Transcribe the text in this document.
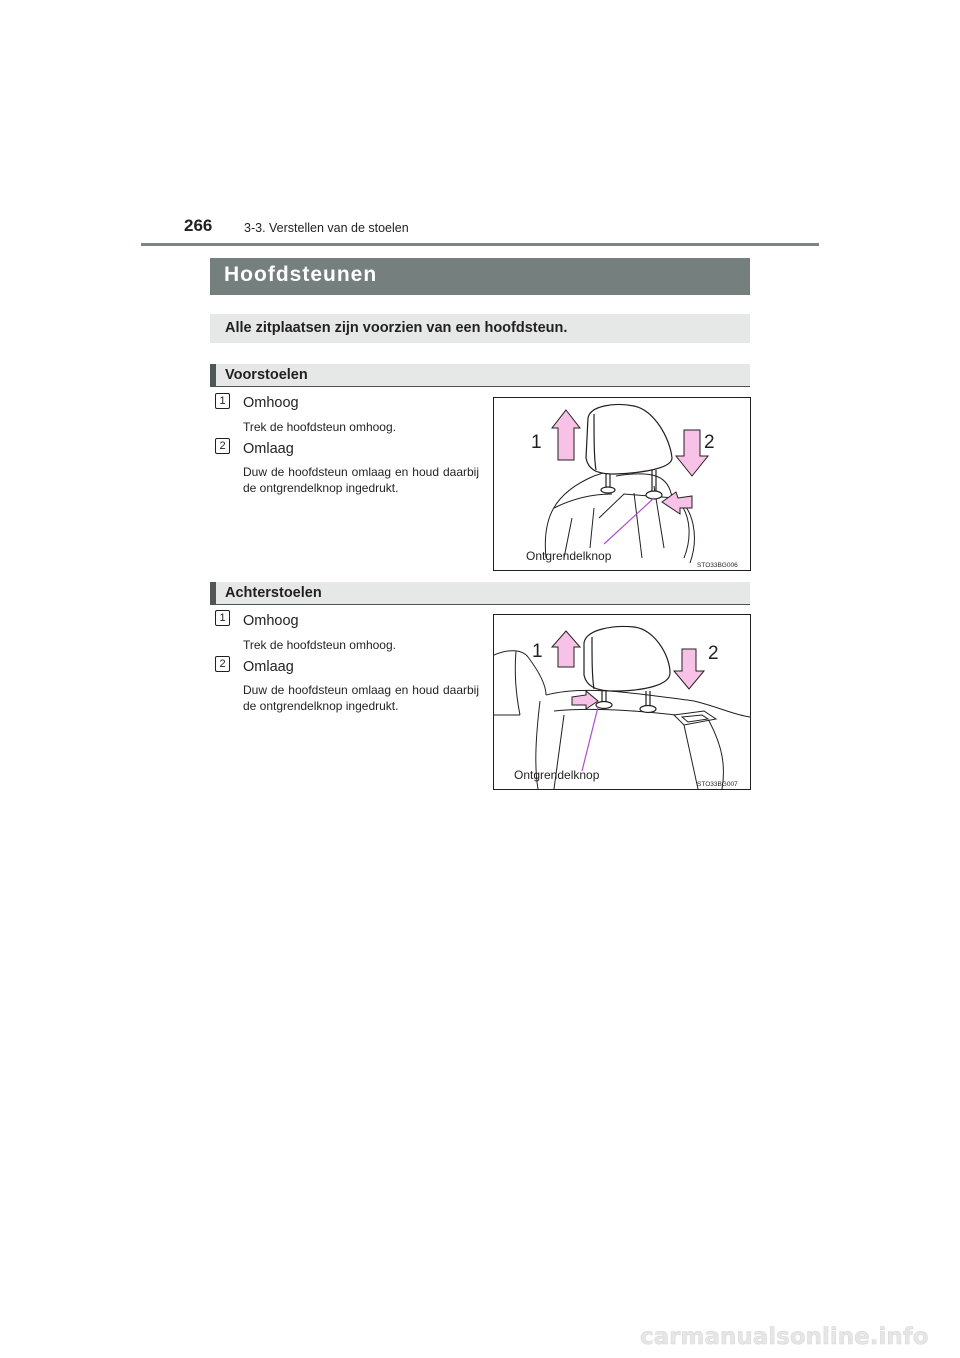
266	3-3. Verstellen van de stoelen
Hoofdsteunen
Alle zitplaatsen zijn voorzien van een hoofdsteun.
Voorstoelen
1	Omhoog
Trek de hoofdsteun omhoog.
2	Omlaag
Duw de hoofdsteun omlaag en houd daarbij de ontgrendelknop ingedrukt.
1	2
Ontgrendelknop
STO33BG006
Achterstoelen
1	Omhoog
Trek de hoofdsteun omhoog.
2	Omlaag
Duw de hoofdsteun omlaag en houd daarbij de ontgrendelknop ingedrukt.
1	2
Ontgrendelknop
STO33BG007
carmanualsonline.info
